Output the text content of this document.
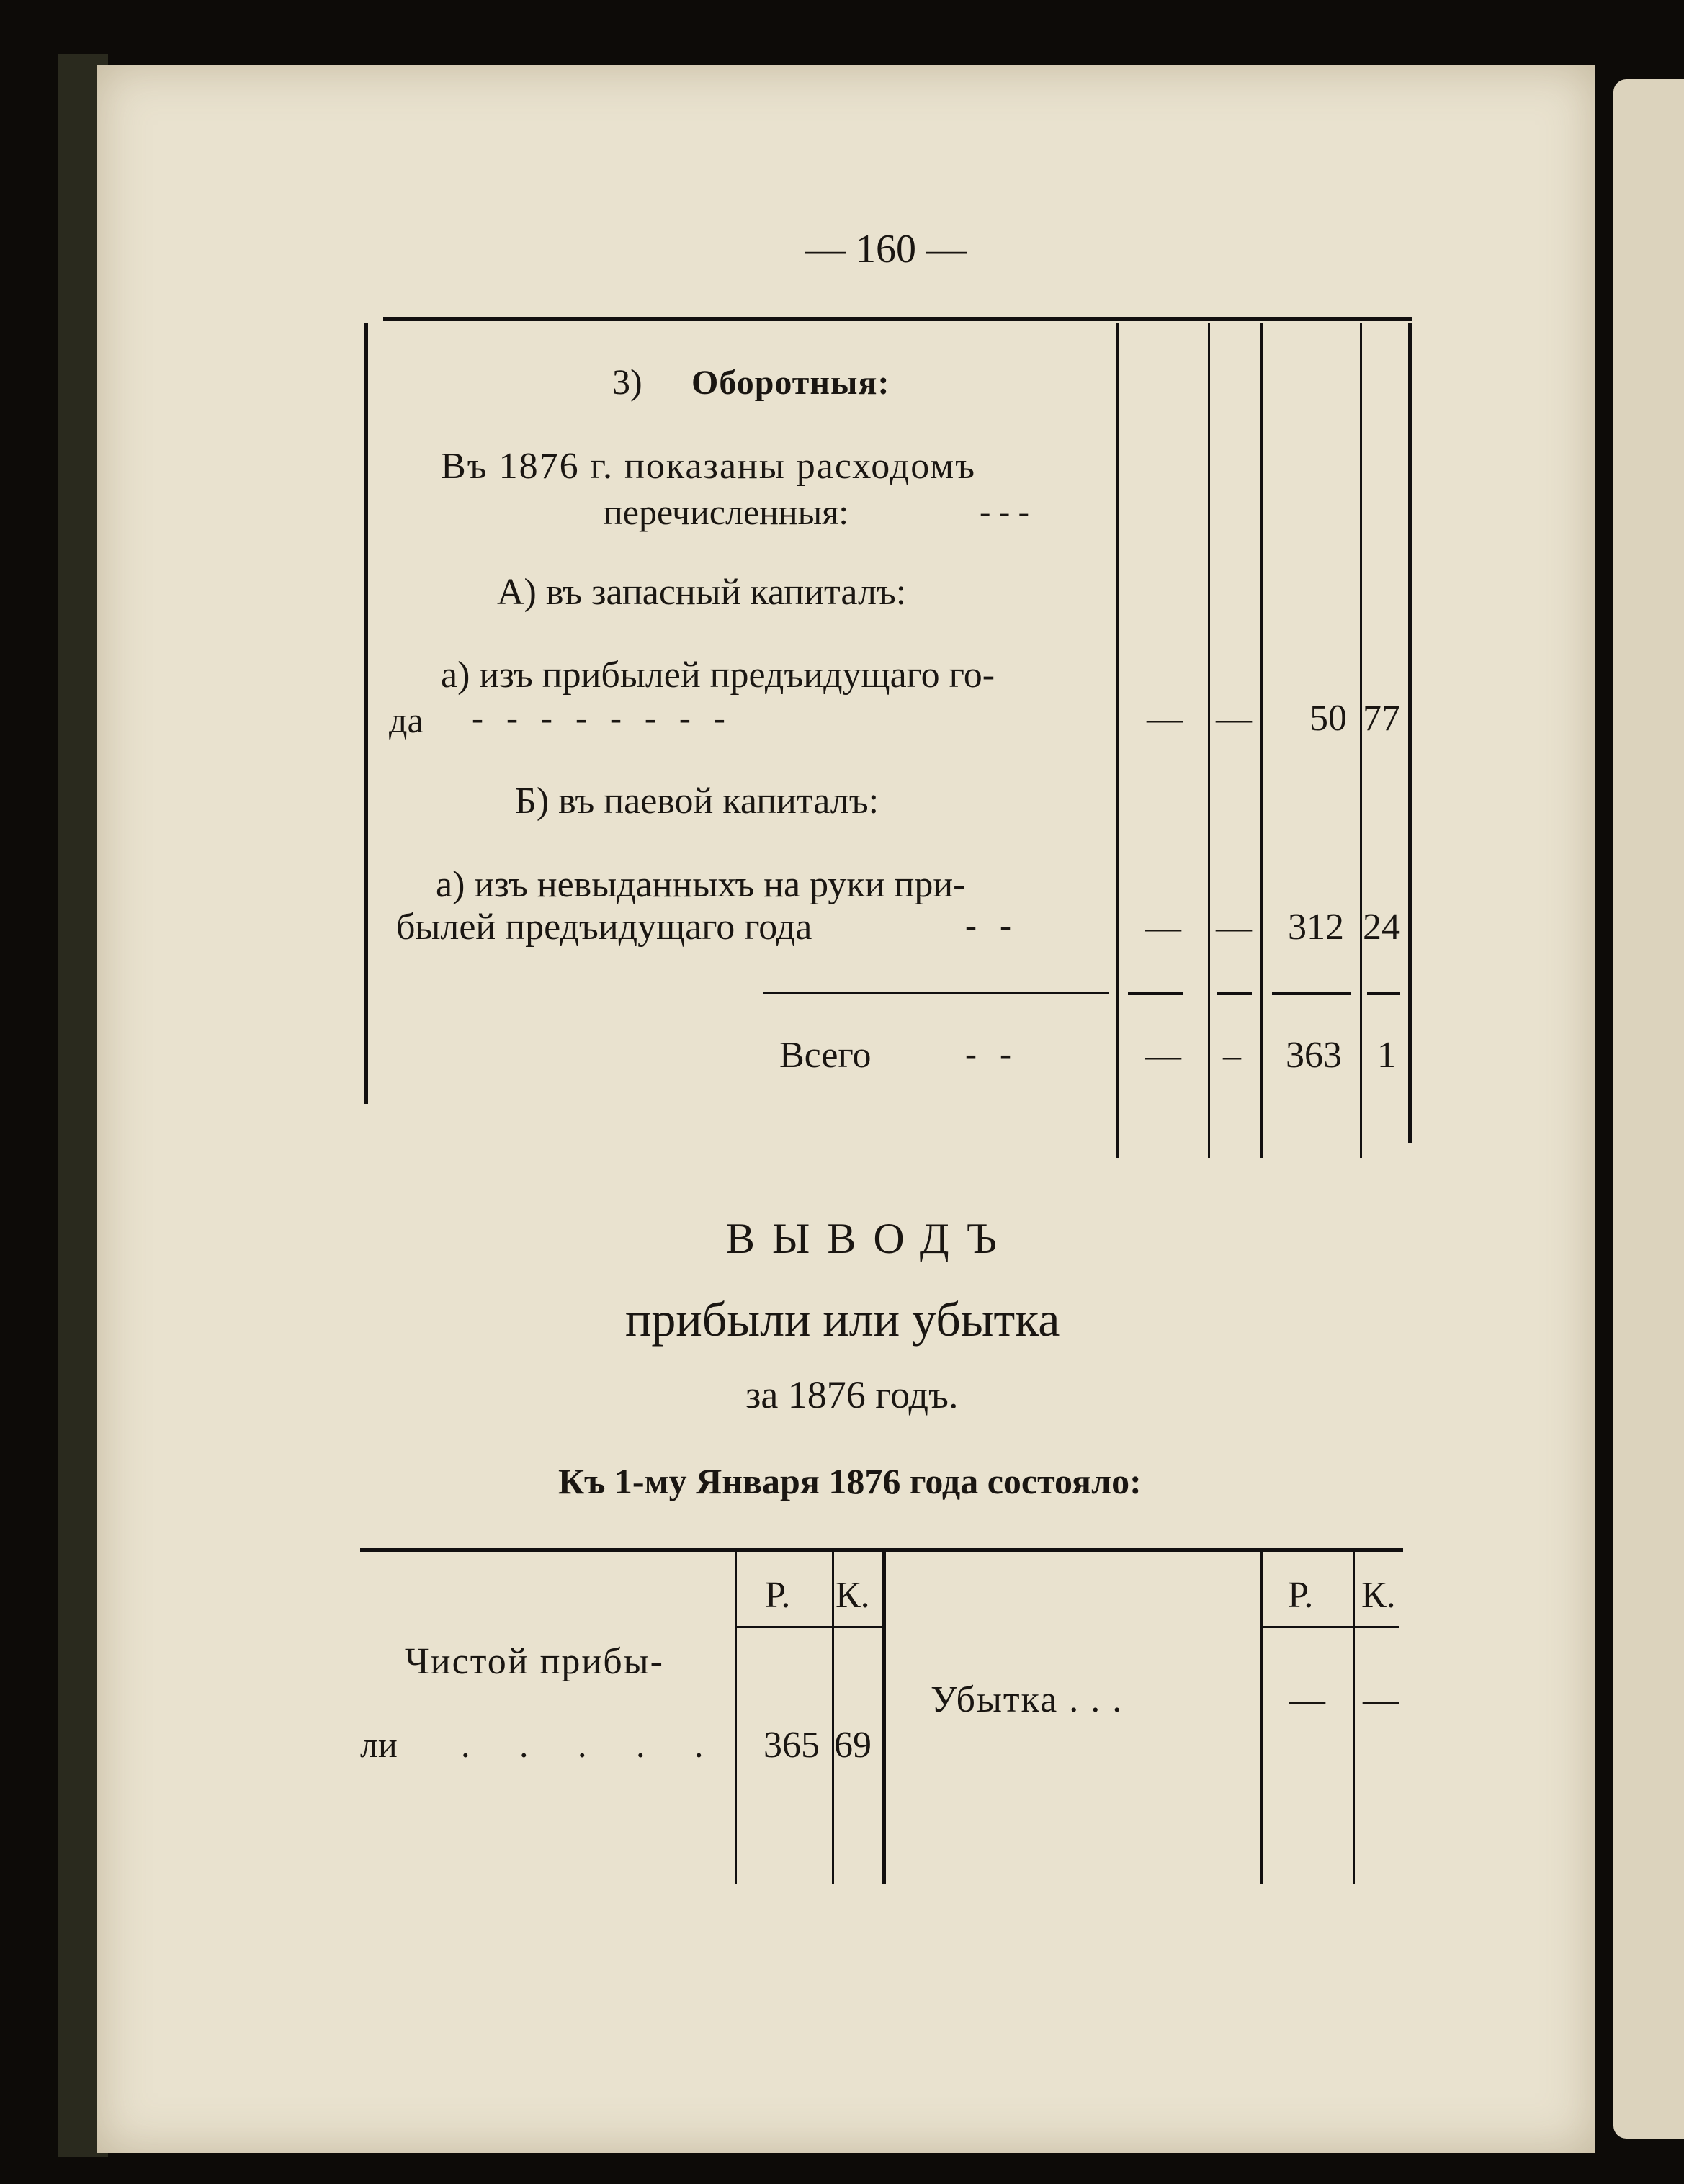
— 160 —
3) Оборотныя:
Въ 1876 г. показаны расходомъ
перечисленныя:	- - -
А) въ запасный капиталъ:
а) изъ прибылей предъидущаго го-
да - - - - - - - -	— — 50 77
Б) въ паевой капиталъ:
а) изъ невыданныхъ на руки при-
былей предъидущаго года	- -	— — 312 24
Всего	- -	— – 363 1
ВЫВОДЪ
прибыли или убытка
за 1876 годъ.
Къ 1-му Января 1876 года состояло:
Р. К.	Р. К.
Чистой прибы-
ли . . . . . 365 69
Убытка . . .	— —
